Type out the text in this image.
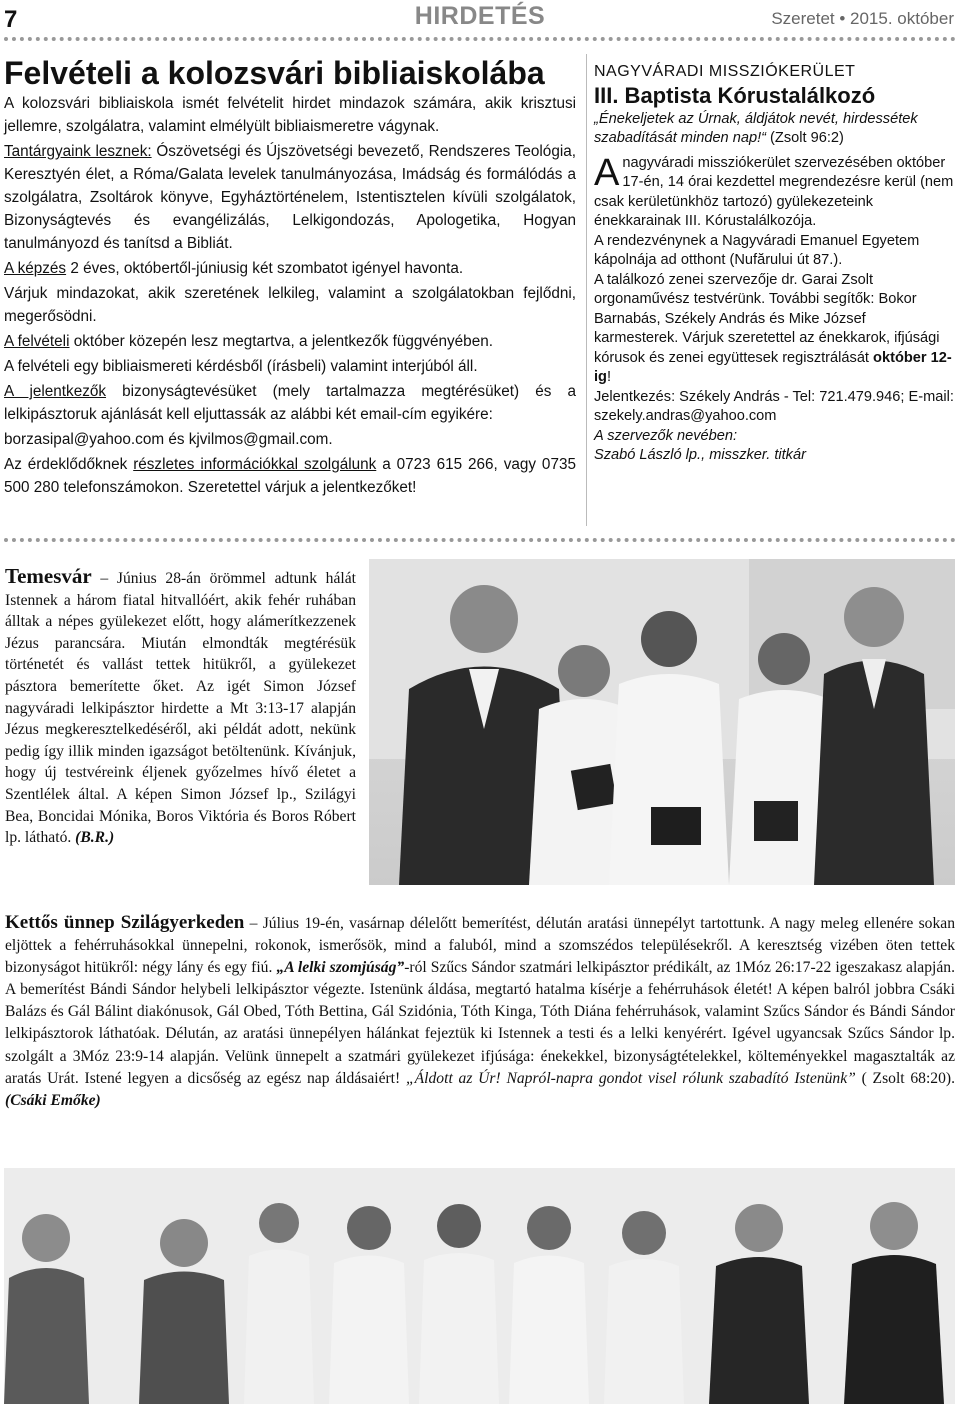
7	HIRDETÉS	Szeretet • 2015. október
Felvételi a kolozsvári bibliaiskolába

A kolozsvári bibliaiskola ismét felvételit hirdet mindazok számára, akik krisztusi jellemre, szolgálatra, valamint elmélyült bibliaismeretre vágynak.

Tantárgyaink lesznek: Ószövetségi és Újszövetségi bevezető, Rendszeres Teológia, Keresztyén élet, a Róma/Galata levelek tanulmányozása, Imádság és formálódás a szolgálatra, Zsoltárok könyve, Egyháztörténelem, Istentisztelen kívüli szolgálatok, Bizonyságtevés és evangélizálás, Lelkigondozás, Apologetika, Hogyan tanulmányozd és tanítsd a Bibliát.

A képzés 2 éves, októbertől-júniusig két szombatot igényel havonta.

Várjuk mindazokat, akik szeretének lelkileg, valamint a szolgálatokban fejlődni, megerősödni.

A felvételi október közepén lesz megtartva, a jelentkezők függvényében.

A felvételi egy bibliaismereti kérdésből (írásbeli) valamint interjúból áll.

A jelentkezők bizonyságtevésüket (mely tartalmazza megtérésüket) és a lelkipásztoruk ajánlását kell eljuttassák az alábbi két email-cím egyikére:

borzasipal@yahoo.com és kjvilmos@gmail.com.

Az érdeklődőknek részletes információkkal szolgálunk a 0723 615 266, vagy 0735 500 280 telefonszámokon. Szeretettel várjuk a jelentkezőket!

NAGYVÁRADI MISSZIÓKERÜLET
III. Baptista Kórustalálkozó

„Énekeljetek az Úrnak, áldjátok nevét, hirdessétek szabadítását minden nap!“ (Zsolt 96:2)

Anagyváradi missziókerület szervezésében október 17-én, 14 órai kezdettel megrendezésre kerül (nem csak kerületünkhöz tartozó) gyülekezeteink énekkarainak III. Kórustalálkozója.

A rendezvénynek a Nagyváradi Emanuel Egyetem kápolnája ad otthont (Nufărului út 87.).

A találkozó zenei szervezője dr. Garai Zsolt orgonaművész testvérünk. További segítők: Bokor Barnabás, Székely András és Mike József karmesterek. Várjuk szeretettel az énekkarok, ifjúsági kórusok és zenei együttesek regisztrálását október 12-ig!

Jelentkezés: Székely András - Tel: 721.479.946; E-mail: szekely.andras@yahoo.com

A szervezők nevében:

Szabó László lp., misszker. titkár

Temesvár – Június 28-án örömmel adtunk hálát Istennek a három fiatal hitvallóért, akik fehér ruhában álltak a népes gyülekezet előtt, hogy alámerítkezzenek Jézus parancsára. Miután elmondták megtérésük történetét és vallást tettek hitükről, a gyülekezet pásztora bemerítette őket. Az igét Simon József nagyváradi lelkipásztor hirdette a Mt 3:13-17 alapján Jézus megkeresztelkedéséről, aki példát adott, nekünk pedig így illik minden igazságot betöltenünk. Kívánjuk, hogy új testvéreink éljenek győzelmes hívő életet a Szentlélek által. A képen Simon József lp., Szilágyi Bea, Boncidai Mónika, Boros Viktória és Boros Róbert lp. látható. (B.R.)
Kettős ünnep Szilágyerkeden – Július 19-én, vasárnap délelőtt bemerítést, délután aratási ünnepélyt tartottunk. A nagy meleg ellenére sokan eljöttek a fehérruhásokkal ünnepelni, rokonok, ismerősök, mind a faluból, mind a szomszédos településekről. A keresztség vizében öten tettek bizonyságot hitükről: négy lány és egy fiú. „A lelki szomjúság”-ról Szűcs Sándor szatmári lelkipásztor prédikált, az 1Móz 26:17-22 igeszakasz alapján. A bemerítést Bándi Sándor helybeli lelkipásztor végezte. Istenünk áldása, megtartó hatalma kísérje a fehérruhások életét! A képen balról jobbra Csáki Balázs és Gál Bálint diakónusok, Gál Obed, Tóth Bettina, Gál Szidónia, Tóth Kinga, Tóth Diána fehérruhások, valamint Szűcs Sándor és Bándi Sándor lelkipásztorok láthatóak. Délután, az aratási ünnepélyen hálánkat fejeztük ki Istennek a testi és a lelki kenyérért. Igével ugyancsak Szűcs Sándor lp. szolgált a 3Móz 23:9-14 alapján. Velünk ünnepelt a szatmári gyülekezet ifjúsága: énekekkel, bizonyságtételekkel, költeményekkel magasztalták az aratás Urát. Istené legyen a dicsőség az egész nap áldásaiért! „Áldott az Úr! Napról-napra gondot visel rólunk szabadító Istenünk” ( Zsolt 68:20). (Csáki Emőke)
